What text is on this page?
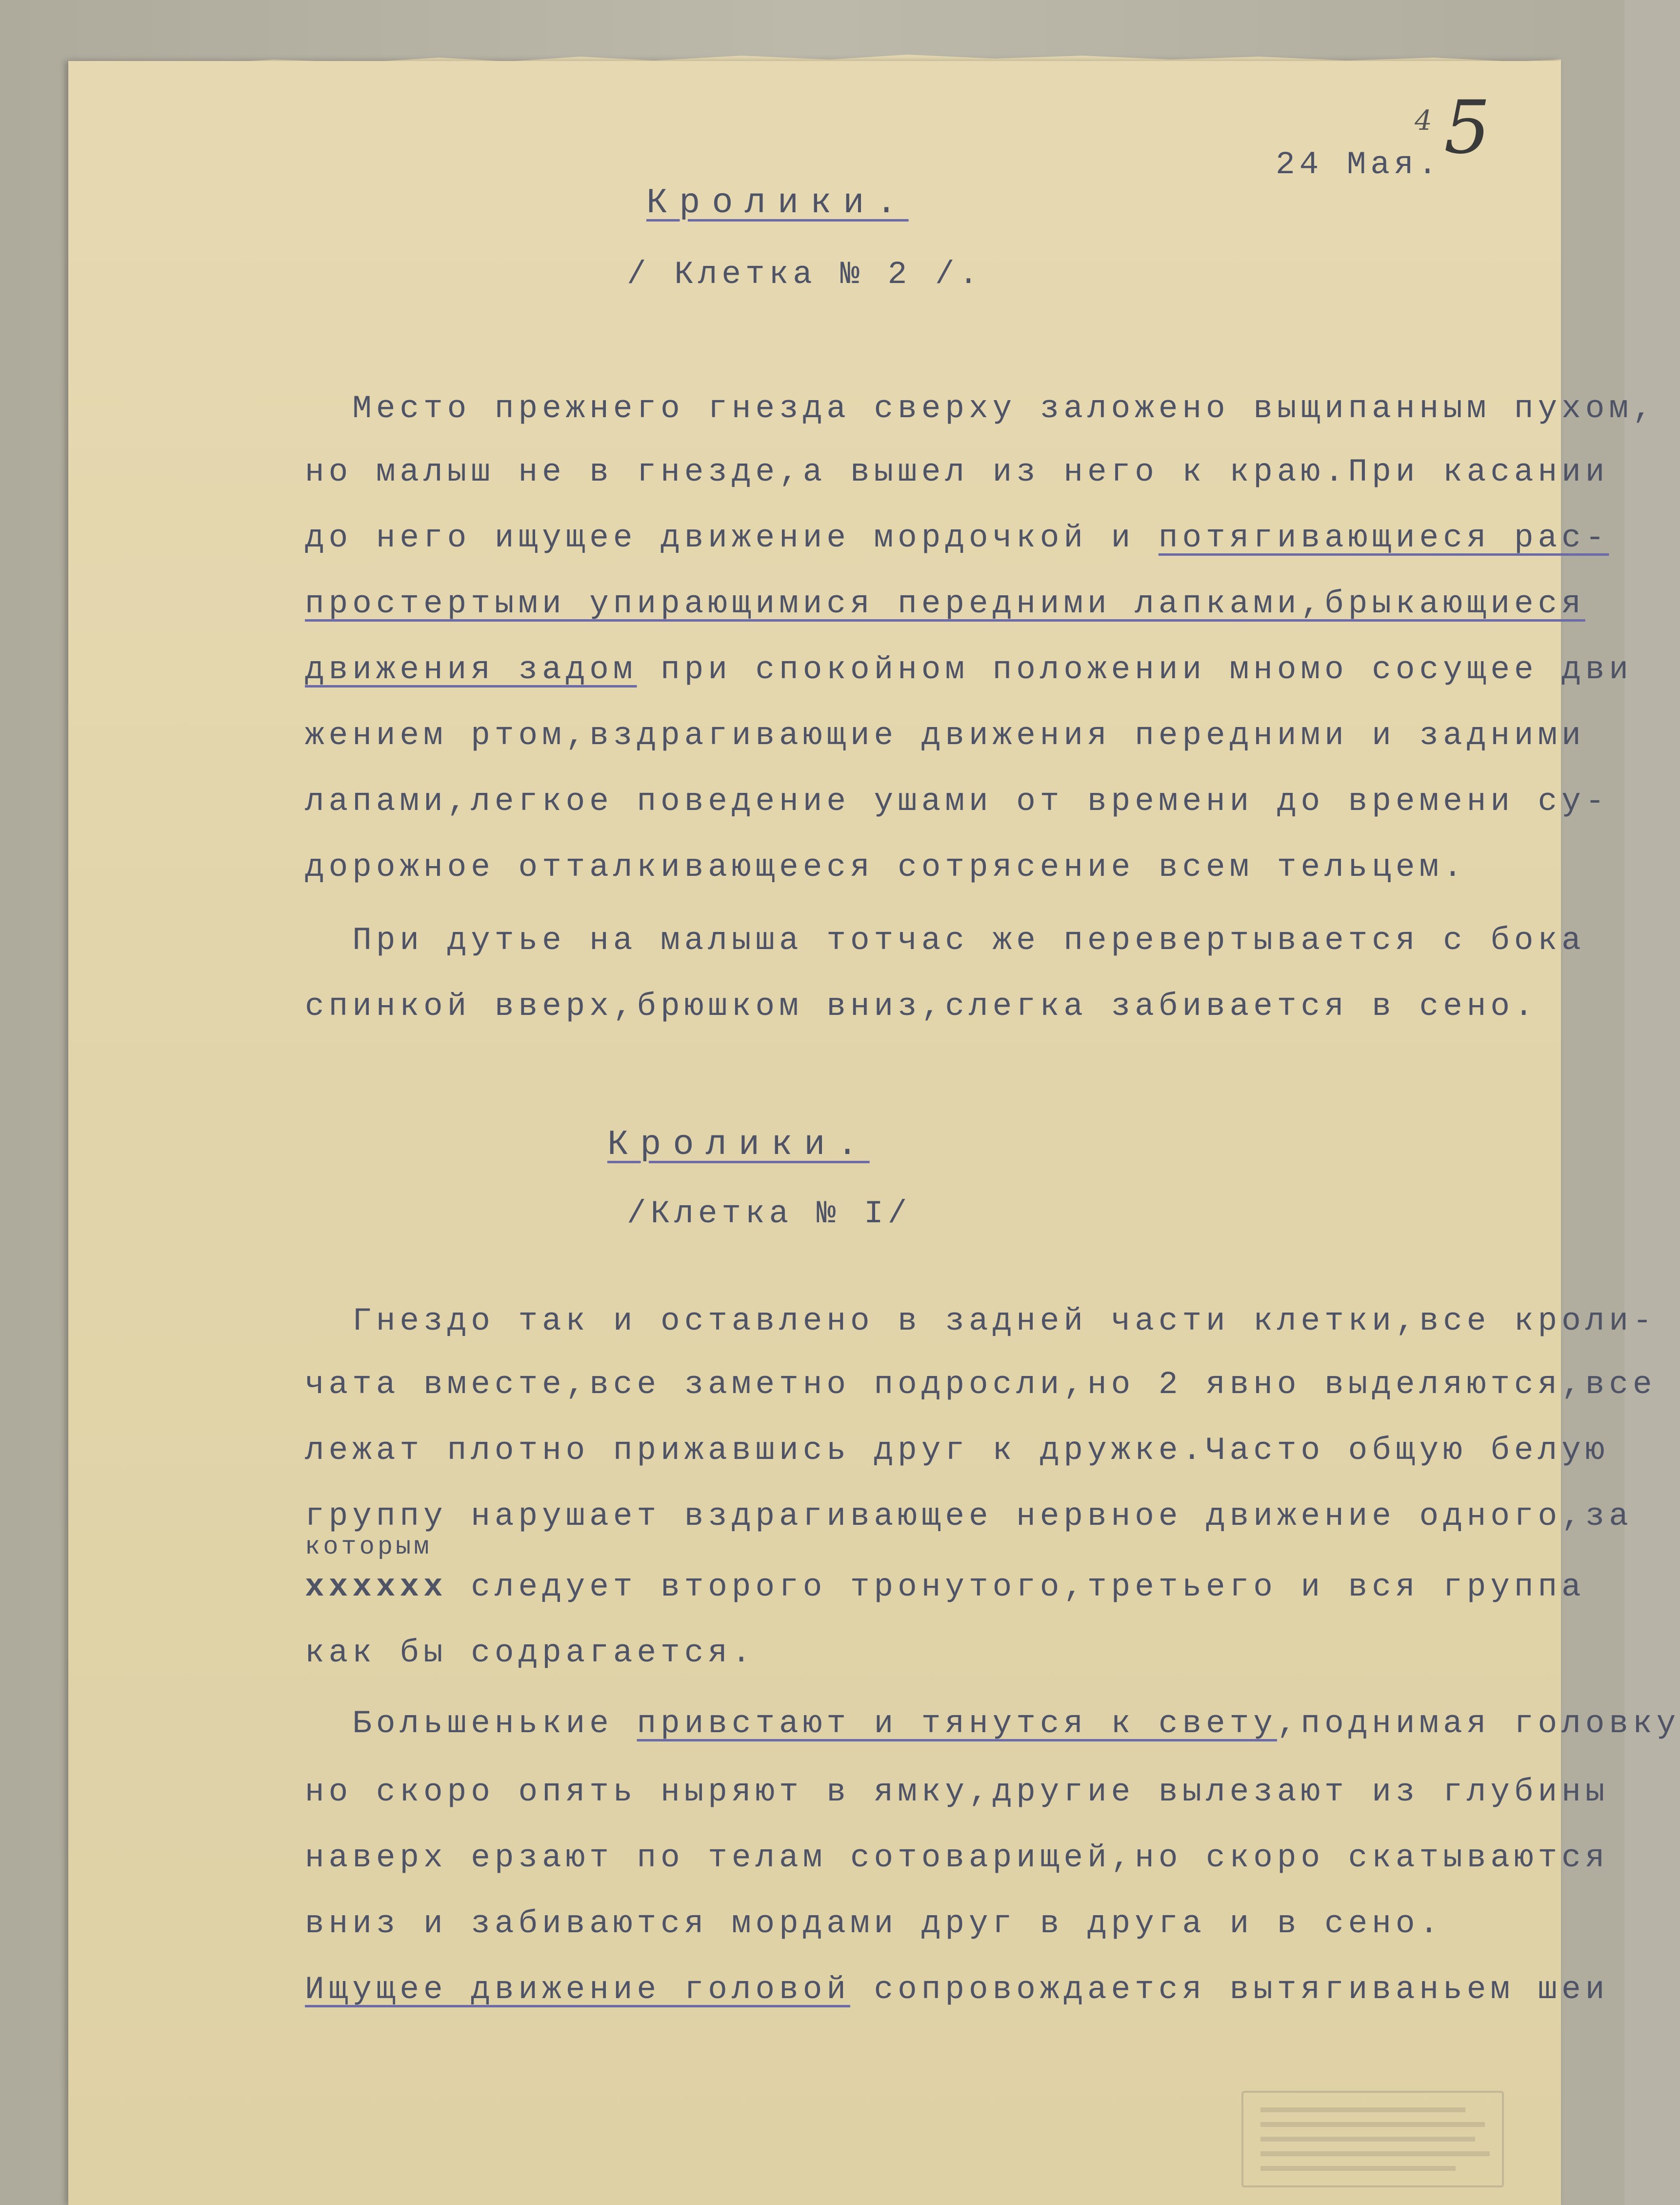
24 Мая.
4 5
Кролики.
/ Клетка № 2 /.
Место прежнего гнезда сверху заложено выщипанным пухом,
но малыш не в гнезде,а вышел из него к краю.При касании
до него ищущее движение мордочкой и потягивающиеся рас-
простертыми упирающимися передними лапками,брыкающиеся
движения задом при спокойном положении мномо сосущее дви
жением ртом,вздрагивающие движения передними и задними
лапами,легкое поведение ушами от времени до времени су-
дорожное отталкивающееся сотрясение всем тельцем.
При дутье на малыша тотчас же перевертывается с бока
спинкой вверх,брюшком вниз,слегка забивается в сено.
Кролики.
/Клетка № I/
Гнездо так и оставлено в задней части клетки,все кроли-
чата вместе,все заметно подросли,но 2 явно выделяются,все
лежат плотно прижавшись друг к дружке.Часто общую белую
группу нарушает вздрагивающее нервное движение одного,за
которым
xxxxxx следует второго тронутого,третьего и вся группа
как бы содрагается.
Большенькие привстают и тянутся к свету,поднимая головку
но скоро опять ныряют в ямку,другие вылезают из глубины
наверх ерзают по телам сотоварищей,но скоро скатываются
вниз и забиваются мордами друг в друга и в сено.
Ищущее движение головой сопровождается вытягиваньем шеи
